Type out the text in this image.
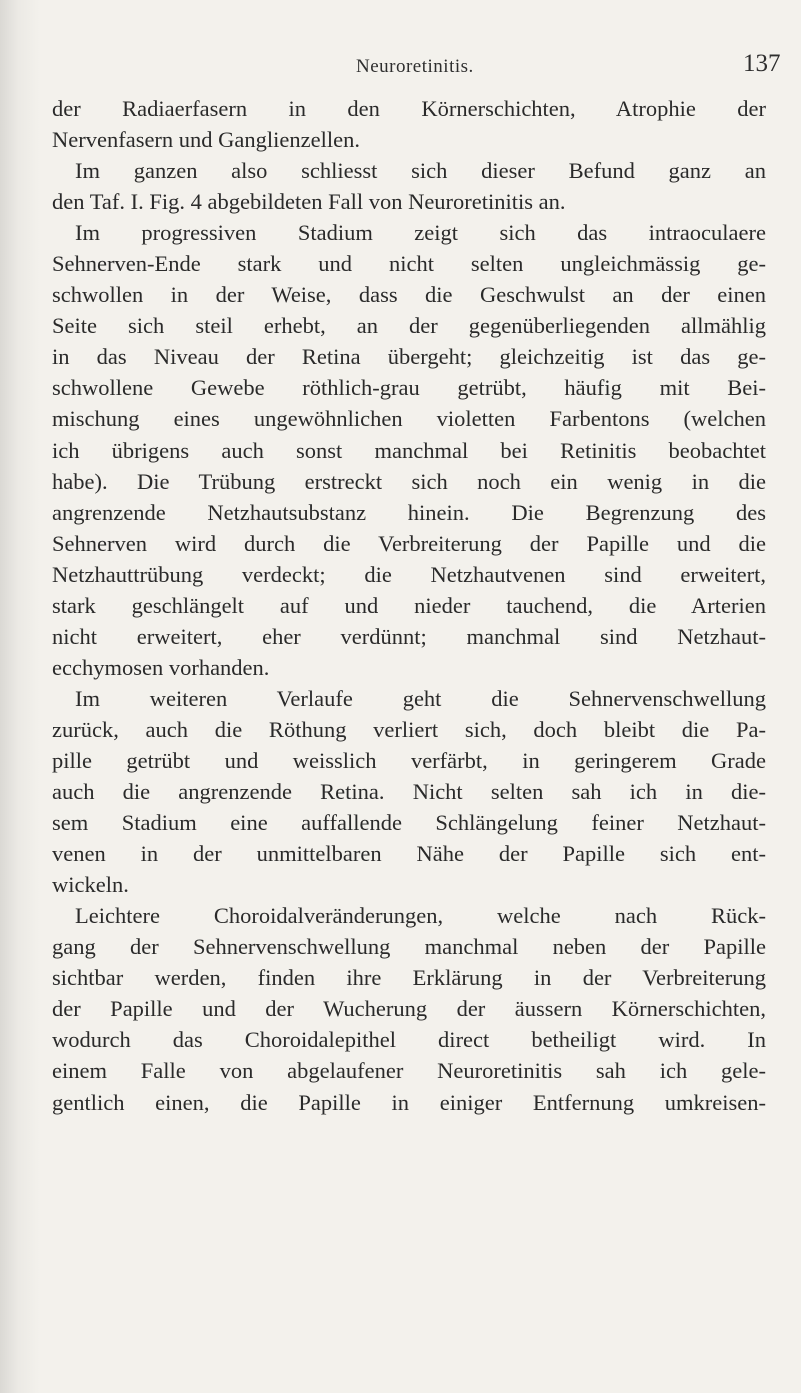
Neuroretinitis.	137
der Radiaerfasern in den Körnerschichten, Atrophie der
Nervenfasern und Ganglienzellen.
Im ganzen also schliesst sich dieser Befund ganz an
den Taf. I. Fig. 4 abgebildeten Fall von Neuroretinitis an.
Im progressiven Stadium zeigt sich das intraoculaere
Sehnerven-Ende stark und nicht selten ungleichmässig ge-
schwollen in der Weise, dass die Geschwulst an der einen
Seite sich steil erhebt, an der gegenüberliegenden allmählig
in das Niveau der Retina übergeht; gleichzeitig ist das ge-
schwollene Gewebe röthlich-grau getrübt, häufig mit Bei-
mischung eines ungewöhnlichen violetten Farbentons (welchen
ich übrigens auch sonst manchmal bei Retinitis beobachtet
habe). Die Trübung erstreckt sich noch ein wenig in die
angrenzende Netzhautsubstanz hinein. Die Begrenzung des
Sehnerven wird durch die Verbreiterung der Papille und die
Netzhauttrübung verdeckt; die Netzhautvenen sind erweitert,
stark geschlängelt auf und nieder tauchend, die Arterien
nicht erweitert, eher verdünnt; manchmal sind Netzhaut-
ecchymosen vorhanden.
Im weiteren Verlaufe geht die Sehnervenschwellung
zurück, auch die Röthung verliert sich, doch bleibt die Pa-
pille getrübt und weisslich verfärbt, in geringerem Grade
auch die angrenzende Retina. Nicht selten sah ich in die-
sem Stadium eine auffallende Schlängelung feiner Netzhaut-
venen in der unmittelbaren Nähe der Papille sich ent-
wickeln.
Leichtere Choroidalveränderungen, welche nach Rück-
gang der Sehnervenschwellung manchmal neben der Papille
sichtbar werden, finden ihre Erklärung in der Verbreiterung
der Papille und der Wucherung der äussern Körnerschichten,
wodurch das Choroidalepithel direct betheiligt wird. In
einem Falle von abgelaufener Neuroretinitis sah ich gele-
gentlich einen, die Papille in einiger Entfernung umkreisen-
